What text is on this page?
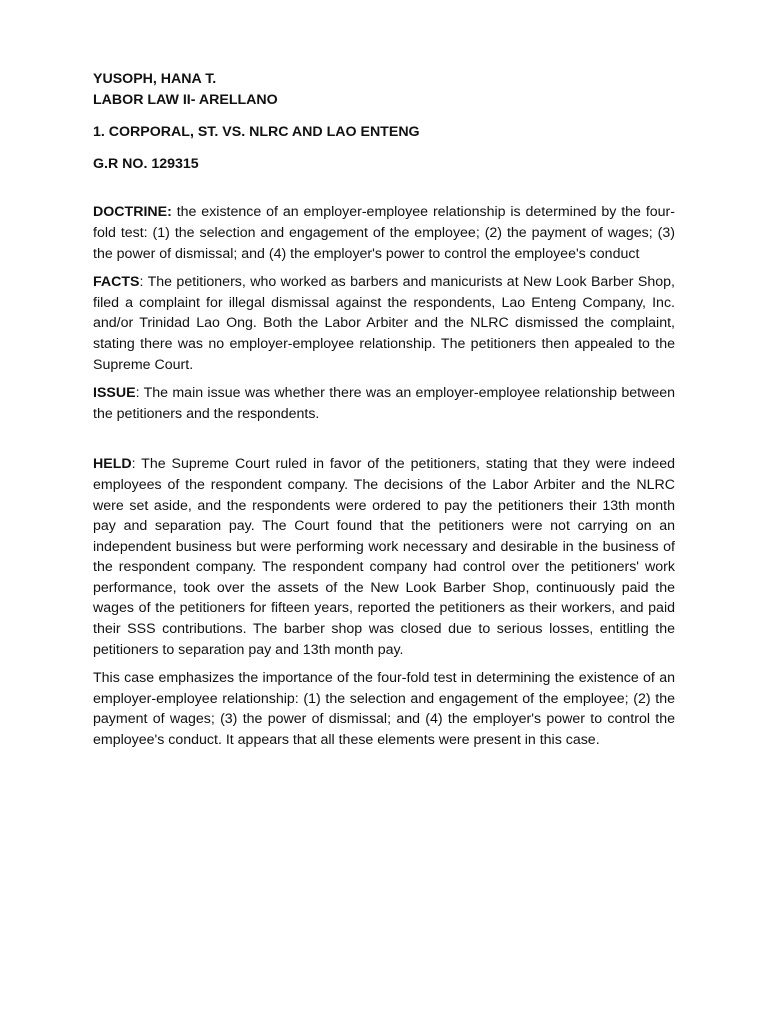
YUSOPH, HANA T.
LABOR LAW II- ARELLANO
1. CORPORAL, ST. VS. NLRC AND LAO ENTENG
G.R NO. 129315

DOCTRINE: the existence of an employer-employee relationship is determined by the four-fold test: (1) the selection and engagement of the employee; (2) the payment of wages; (3) the power of dismissal; and (4) the employer's power to control the employee's conduct

FACTS: The petitioners, who worked as barbers and manicurists at New Look Barber Shop, filed a complaint for illegal dismissal against the respondents, Lao Enteng Company, Inc. and/or Trinidad Lao Ong. Both the Labor Arbiter and the NLRC dismissed the complaint, stating there was no employer-employee relationship. The petitioners then appealed to the Supreme Court.

ISSUE: The main issue was whether there was an employer-employee relationship between the petitioners and the respondents.

HELD: The Supreme Court ruled in favor of the petitioners, stating that they were indeed employees of the respondent company. The decisions of the Labor Arbiter and the NLRC were set aside, and the respondents were ordered to pay the petitioners their 13th month pay and separation pay. The Court found that the petitioners were not carrying on an independent business but were performing work necessary and desirable in the business of the respondent company. The respondent company had control over the petitioners' work performance, took over the assets of the New Look Barber Shop, continuously paid the wages of the petitioners for fifteen years, reported the petitioners as their workers, and paid their SSS contributions. The barber shop was closed due to serious losses, entitling the petitioners to separation pay and 13th month pay.

This case emphasizes the importance of the four-fold test in determining the existence of an employer-employee relationship: (1) the selection and engagement of the employee; (2) the payment of wages; (3) the power of dismissal; and (4) the employer's power to control the employee's conduct. It appears that all these elements were present in this case.
